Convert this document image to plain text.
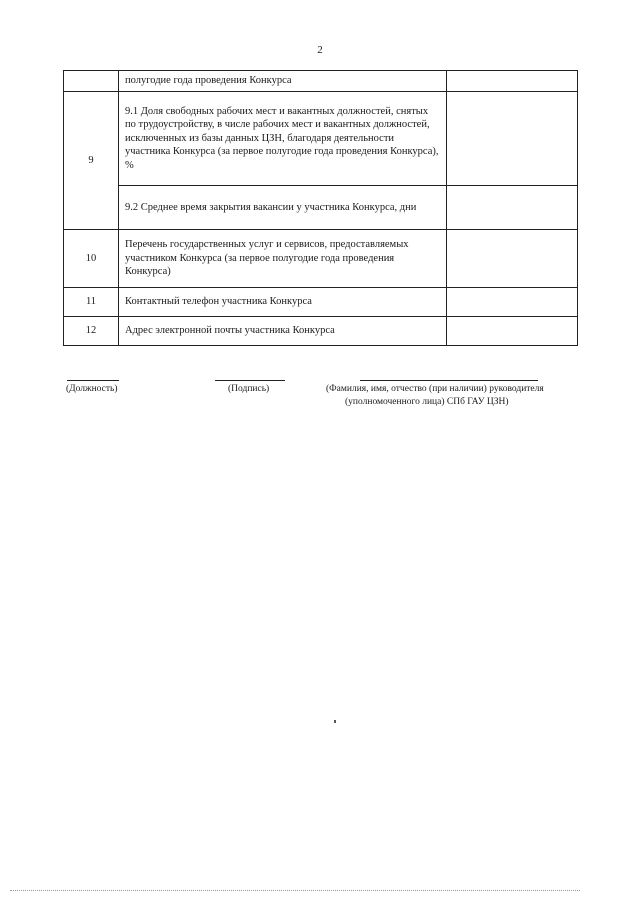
2
	полугодие года проведения Конкурса	
9	9.1 Доля свободных рабочих мест и вакантных должностей, снятых по трудоустройству, в числе рабочих мест и вакантных должностей, исключенных из базы данных ЦЗН, благодаря деятельности участника Конкурса (за первое полугодие года проведения Конкурса), %	
	9.2 Среднее время закрытия вакансии у участника Конкурса, дни	
10	Перечень государственных услуг и сервисов, предоставляемых участником Конкурса (за первое полугодие года проведения Конкурса)	
11	Контактный телефон участника Конкурса	
12	Адрес электронной почты участника Конкурса	
(Должность)	(Подпись)	(Фамилия, имя, отчество (при наличии) руководителя
(уполномоченного лица) СПб ГАУ ЦЗН)
